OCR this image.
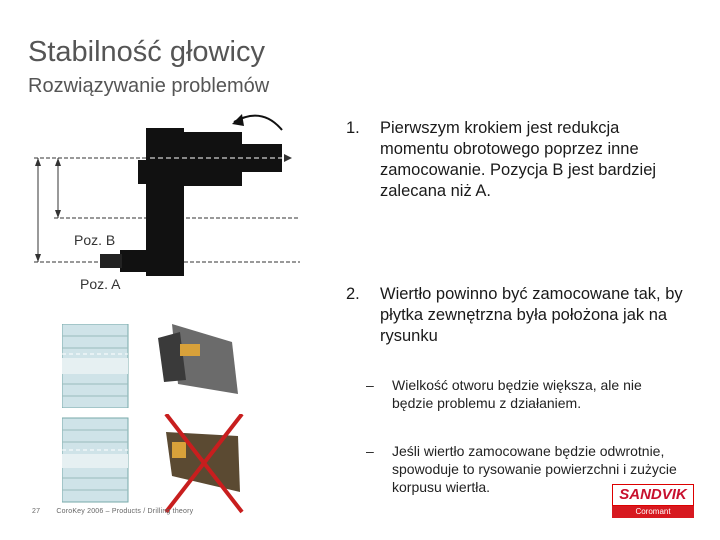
Stabilność głowicy
Rozwiązywanie problemów
Poz. B
Poz. A
1. Pierwszym krokiem jest redukcja momentu obrotowego poprzez inne zamocowanie. Pozycja B jest bardziej zalecana niż A.
2. Wiertło powinno być zamocowane tak, by płytka zewnętrzna była położona jak na rysunku
– Wielkość otworu będzie większa, ale nie będzie problemu z działaniem.
– Jeśli wiertło zamocowane będzie odwrotnie, spowoduje to rysowanie powierzchni i zużycie korpusu wiertła.
27 CoroKey 2006 – Products / Drilling theory
SANDVIK
Coromant
